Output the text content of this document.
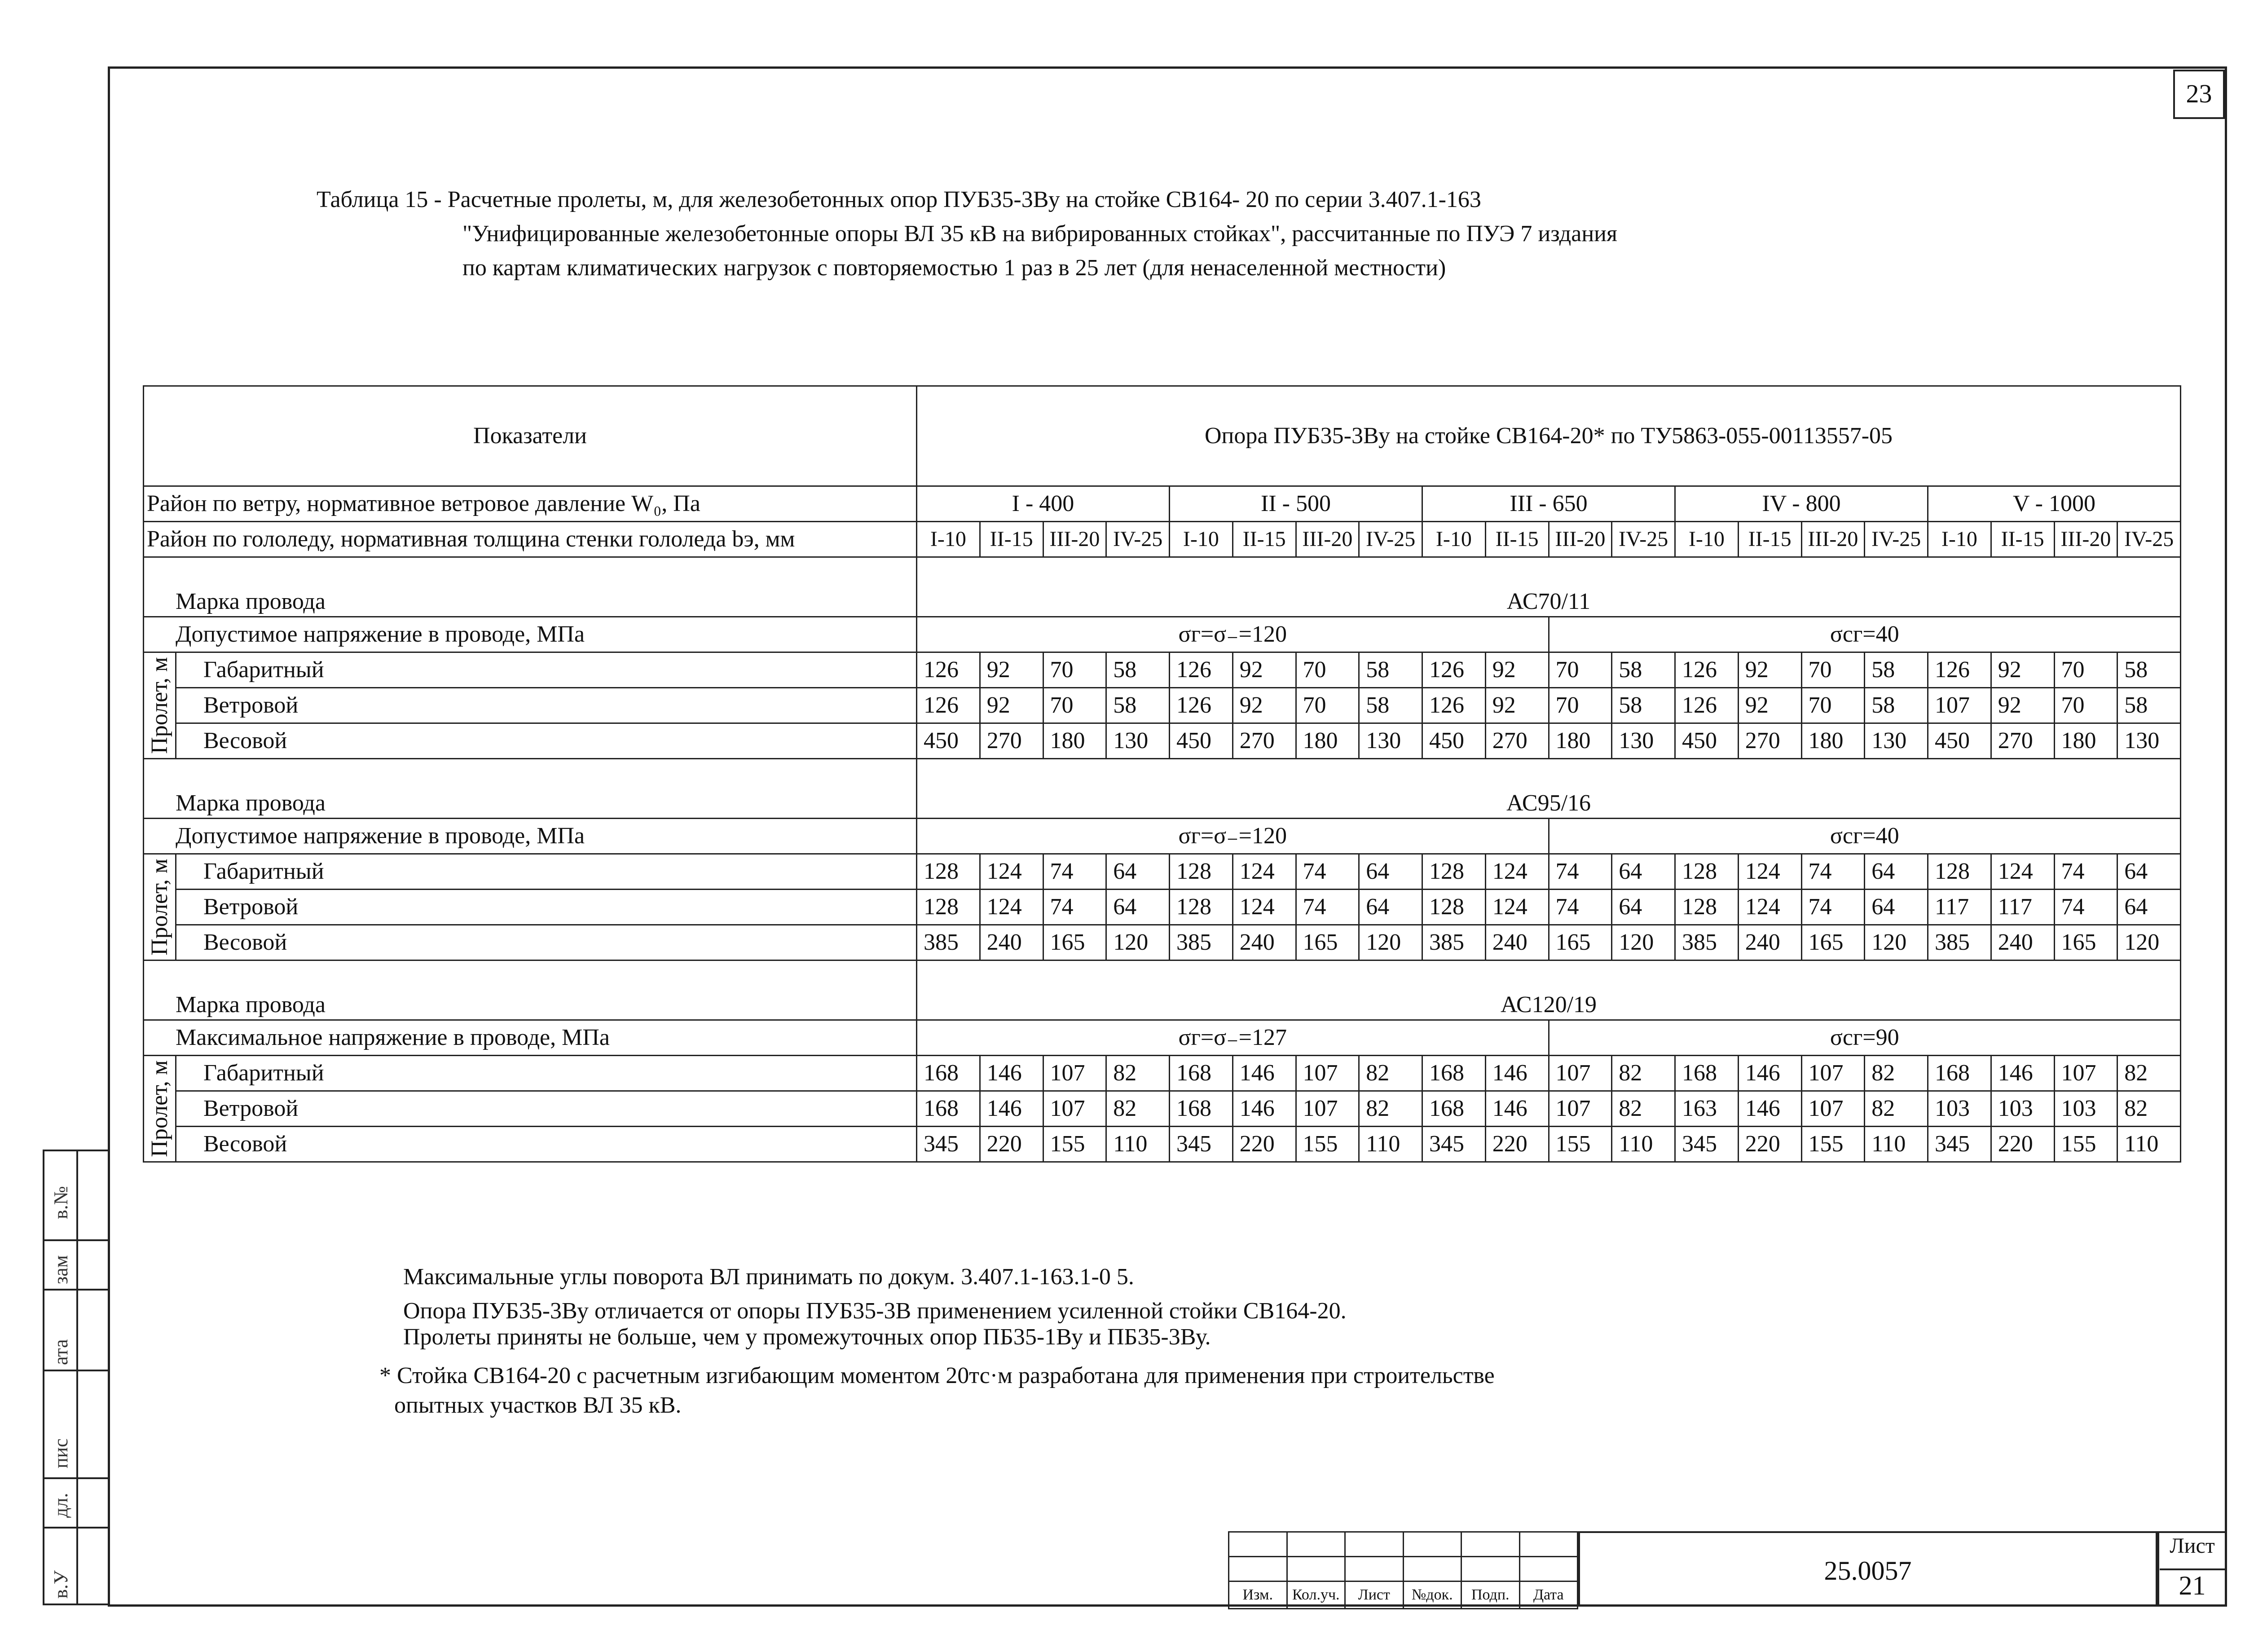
23
Таблица 15 - Расчетные пролеты, м, для железобетонных опор ПУБ35-3Ву на стойке СВ164- 20 по серии 3.407.1-163
"Унифицированные железобетонные опоры ВЛ 35 кВ на вибрированных стойках", рассчитанные по ПУЭ 7 издания
по картам климатических нагрузок с повторяемостью 1 раз в 25 лет (для ненаселенной местности)
Показатели		Опора ПУБ35-3Ву на стойке СВ164-20* по ТУ5863-055-00113557-05																			
Район по ветру, нормативное ветровое давление W₀, Па		I - 400				II - 500				III - 650				IV - 800				V - 1000			
Район по гололеду, нормативная толщина стенки гололеда bэ, мм		I-10	II-15	III-20	IV-25	I-10	II-15	III-20	IV-25	I-10	II-15	III-20	IV-25	I-10	II-15	III-20	IV-25	I-10	II-15	III-20	IV-25
Марка провода		АС70/11																			
Допустимое напряжение в проводе, МПа		σг=σ₋=120										σсг=40									

Пролет, м	Габаритный	126	92	70	58	126	92	70	58	126	92	70	58	126	92	70	58	126	92	70	58
	Ветровой	126	92	70	58	126	92	70	58	126	92	70	58	126	92	70	58	107	92	70	58
	Весовой	450	270	180	130	450	270	180	130	450	270	180	130	450	270	180	130	450	270	180	130
Марка провода		АС95/16																			
Допустимое напряжение в проводе, МПа		σг=σ₋=120										σсг=40									

Пролет, м	Габаритный	128	124	74	64	128	124	74	64	128	124	74	64	128	124	74	64	128	124	74	64
	Ветровой	128	124	74	64	128	124	74	64	128	124	74	64	128	124	74	64	117	117	74	64
	Весовой	385	240	165	120	385	240	165	120	385	240	165	120	385	240	165	120	385	240	165	120
Марка провода		АС120/19																			
Максимальное напряжение в проводе, МПа		σг=σ₋=127										σсг=90									

Пролет, м	Габаритный	168	146	107	82	168	146	107	82	168	146	107	82	168	146	107	82	168	146	107	82
	Ветровой	168	146	107	82	168	146	107	82	168	146	107	82	163	146	107	82	103	103	103	82
	Весовой	345	220	155	110	345	220	155	110	345	220	155	110	345	220	155	110	345	220	155	110
Максимальные углы поворота ВЛ принимать по докум. 3.407.1-163.1-0 5.
Опора ПУБ35-3Ву отличается от опоры ПУБ35-3В применением усиленной стойки СВ164-20.
Пролеты приняты не больше, чем у промежуточных опор ПБ35-1Ву и ПБ35-3Ву.
* Стойка СВ164-20 с расчетным изгибающим моментом 20тс·м разработана для применения при строительстве
опытных участков ВЛ 35 кВ.
в.№
зам
ата
пис
дл.
в.У

						Изм.	Кол.уч.	Лист	№док.	Подп.	Дата
25.0057
Лист
21
